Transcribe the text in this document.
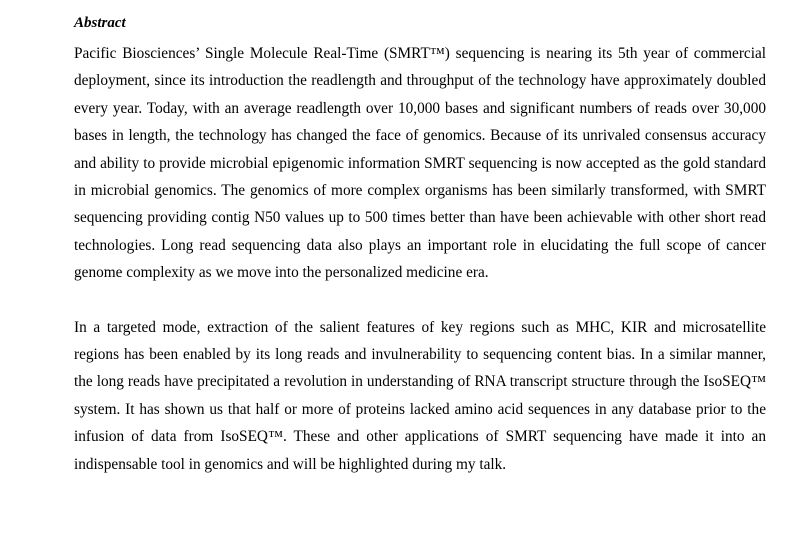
Abstract

Pacific Biosciences’ Single Molecule Real-Time (SMRT™) sequencing is nearing its 5th year of commercial deployment, since its introduction the readlength and throughput of the technology have approximately doubled every year. Today, with an average readlength over 10,000 bases and significant numbers of reads over 30,000 bases in length, the technology has changed the face of genomics. Because of its unrivaled consensus accuracy and ability to provide microbial epigenomic information SMRT sequencing is now accepted as the gold standard in microbial genomics. The genomics of more complex organisms has been similarly transformed, with SMRT sequencing providing contig N50 values up to 500 times better than have been achievable with other short read technologies. Long read sequencing data also plays an important role in elucidating the full scope of cancer genome complexity as we move into the personalized medicine era.

In a targeted mode, extraction of the salient features of key regions such as MHC, KIR and microsatellite regions has been enabled by its long reads and invulnerability to sequencing content bias. In a similar manner, the long reads have precipitated a revolution in understanding of RNA transcript structure through the IsoSEQ™ system. It has shown us that half or more of proteins lacked amino acid sequences in any database prior to the infusion of data from IsoSEQ™. These and other applications of SMRT sequencing have made it into an indispensable tool in genomics and will be highlighted during my talk.
